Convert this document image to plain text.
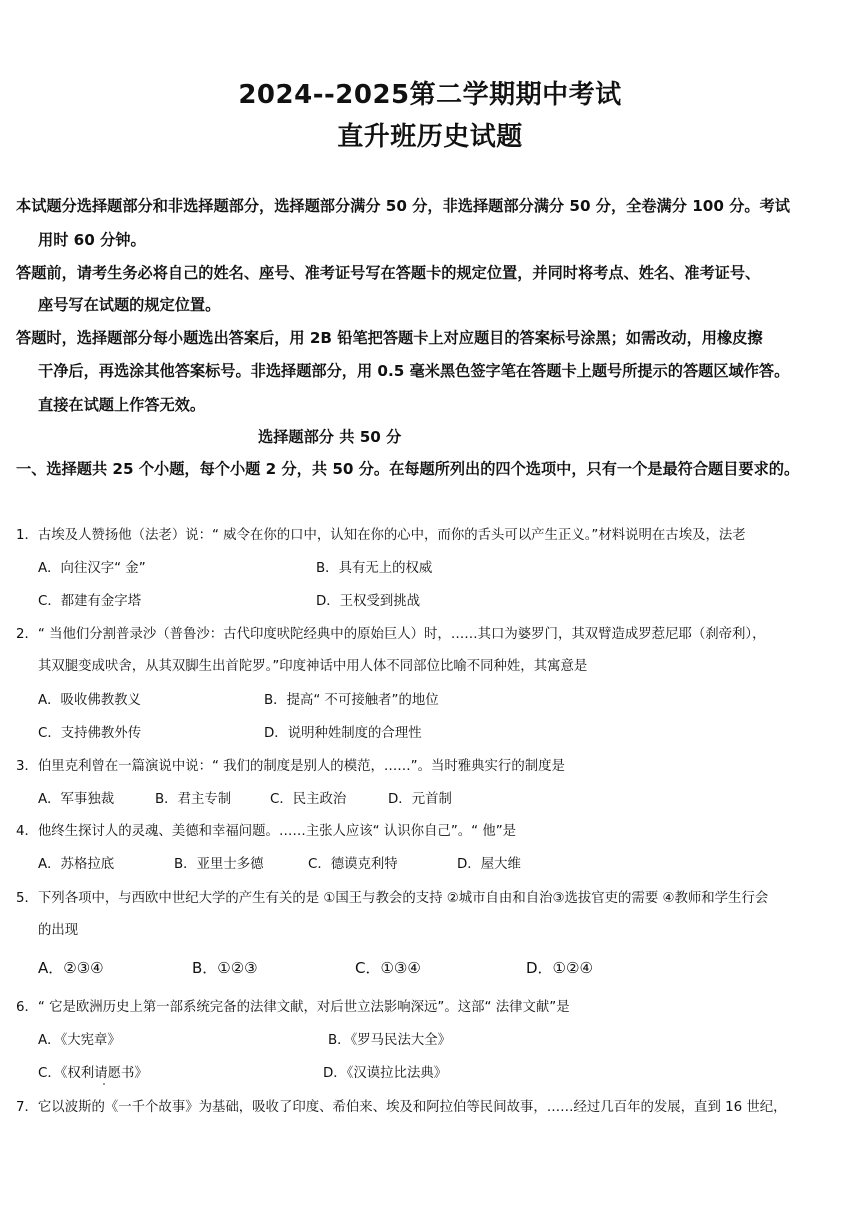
2024--2025第二学期期中考试
直升班历史试题
本试题分选择题部分和非选择题部分，选择题部分满分 50 分，非选择题部分满分 50 分，全卷满分 100 分。考试
用时 60 分钟。
答题前，请考生务必将自己的姓名、座号、准考证号写在答题卡的规定位置，并同时将考点、姓名、准考证号、
座号写在试题的规定位置。
答题时，选择题部分每小题选出答案后，用 2B 铅笔把答题卡上对应题目的答案标号涂黑；如需改动，用橡皮擦
干净后，再选涂其他答案标号。非选择题部分，用 0.5 毫米黑色签字笔在答题卡上题号所提示的答题区域作答。
直接在试题上作答无效。
选择题部分 共 50 分
一、选择题共 25 个小题，每个小题 2 分，共 50 分。在每题所列出的四个选项中，只有一个是最符合题目要求的。
1．古埃及人赞扬他（法老）说：“ 威令在你的口中，认知在你的心中，而你的舌头可以产生正义。”材料说明在古埃及，法老
A．向往汉字“ 金”	B．具有无上的权威
C．都建有金字塔	D．王权受到挑战
2．“ 当他们分割普录沙（普鲁沙：古代印度吠陀经典中的原始巨人）时，……其口为婆罗门，其双臂造成罗惹尼耶（刹帝利），
其双腿变成吠舍，从其双脚生出首陀罗。”印度神话中用人体不同部位比喻不同种姓，其寓意是
A．吸收佛教教义	B．提高“ 不可接触者”的地位
C．支持佛教外传	D．说明种姓制度的合理性
3．伯里克利曾在一篇演说中说：“ 我们的制度是别人的模范，……”。当时雅典实行的制度是
A．军事独裁	B．君主专制	C．民主政治	D．元首制
4．他终生探讨人的灵魂、美德和幸福问题。……主张人应该“ 认识你自己”。“ 他”是
A．苏格拉底	B．亚里士多德	C．德谟克利特	D．屋大维
5．下列各项中，与西欧中世纪大学的产生有关的是 ①国王与教会的支持 ②城市自由和自治③选拔官吏的需要 ④教师和学生行会
的出现
A．②③④	B．①②③	C．①③④	D．①②④
6．“ 它是欧洲历史上第一部系统完备的法律文献，对后世立法影响深远”。这部“ 法律文献”是
A．《大宪章》	B．《罗马民法大全》
C．《权利请愿书》	D．《汉谟拉比法典》
7．它以波斯的《一千个故事》为基础，吸收了印度、希伯来、埃及和阿拉伯等民间故事，……经过几百年的发展，直到 16 世纪，
